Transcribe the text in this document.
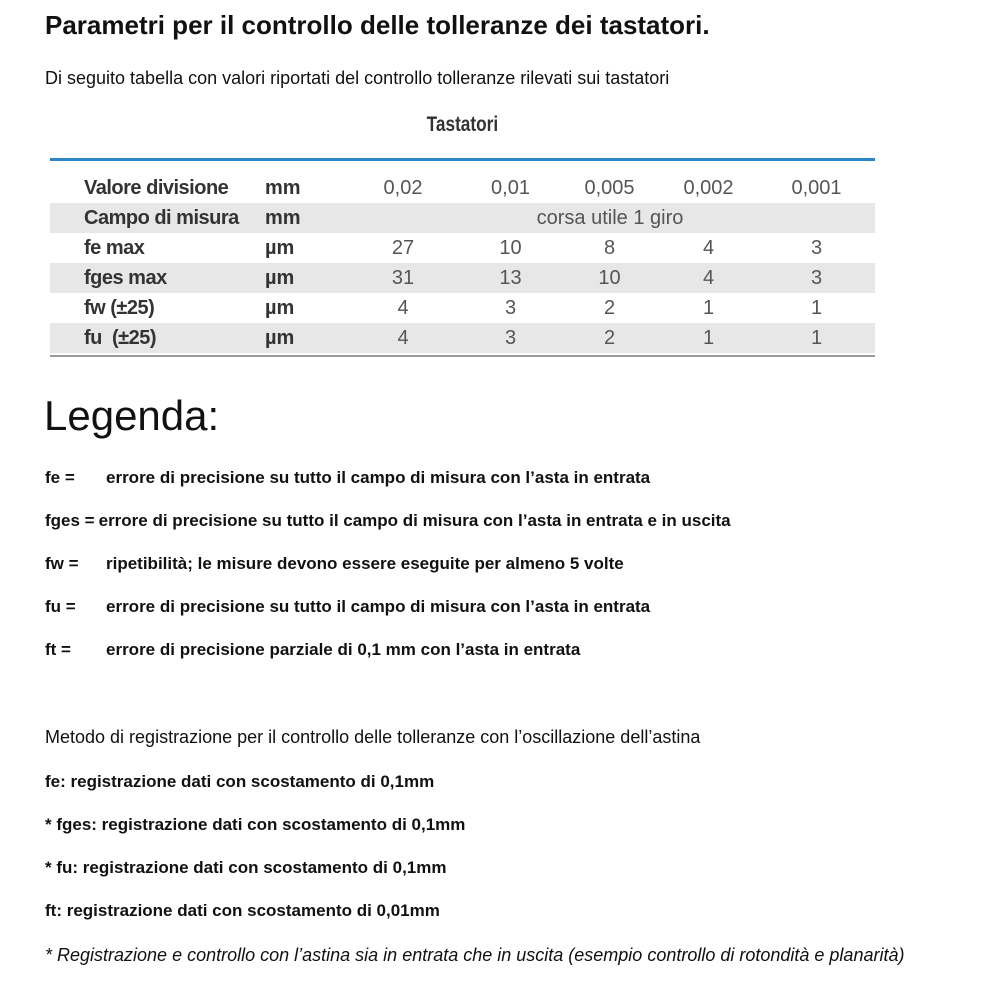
Parametri per il controllo delle tolleranze dei tastatori.

Di seguito tabella con valori riportati del controllo tolleranze rilevati sui tastatori

Tastatori
Valore divisione	mm	0,02	0,01	0,005	0,002	0,001
Campo di misura	mm	corsa utile 1 giro				
fe max	µm	27	10	8	4	3
fges max	µm	31	13	10	4	3
fw (±25)	µm	4	3	2	1	1
fu  (±25)	µm	4	3	2	1	1
Legenda:
fe = errore di precisione su tutto il campo di misura con l’asta in entrata
fges = errore di precisione su tutto il campo di misura con l’asta in entrata e in uscita
fw = ripetibilità; le misure devono essere eseguite per almeno 5 volte
fu = errore di precisione su tutto il campo di misura con l’asta in entrata
ft = errore di precisione parziale di 0,1 mm con l’asta in entrata
Metodo di registrazione per il controllo delle tolleranze con l’oscillazione dell’astina
fe: registrazione dati con scostamento di 0,1mm
* fges: registrazione dati con scostamento di 0,1mm
* fu: registrazione dati con scostamento di 0,1mm
ft: registrazione dati con scostamento di 0,01mm
* Registrazione e controllo con l’astina sia in entrata che in uscita (esempio controllo di rotondità e planarità)
